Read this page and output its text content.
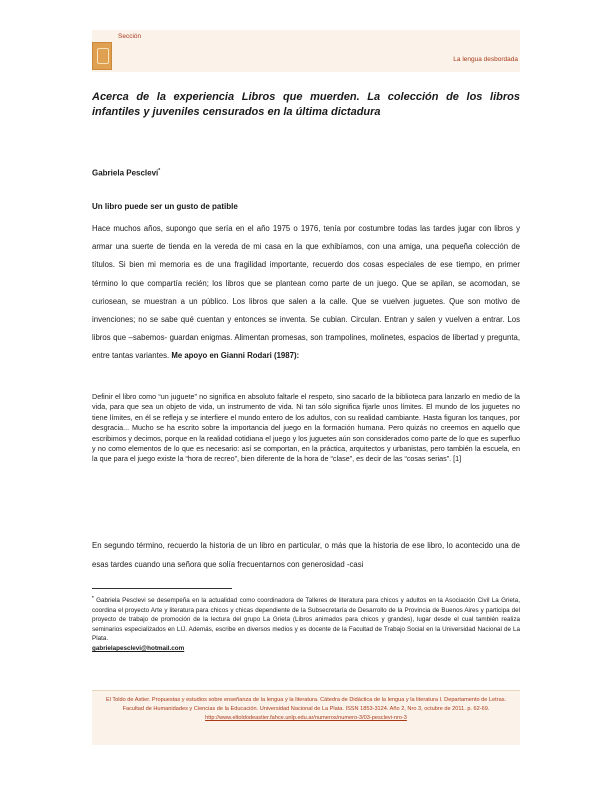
Sección
La lengua desbordada
Acerca de la experiencia Libros que muerden. La colección de los libros infantiles y juveniles censurados en la última dictadura
Gabriela Pesclevi*
Un libro puede ser un gusto de patible
Hace muchos años, supongo que sería en el año 1975 o 1976, tenía por costumbre todas las tardes jugar con libros y armar una suerte de tienda en la vereda de mi casa en la que exhibíamos, con una amiga, una pequeña colección de títulos. Si bien mi memoria es de una fragilidad importante, recuerdo dos cosas especiales de ese tiempo, en primer término lo que compartía recién; los libros que se plantean como parte de un juego. Que se apilan, se acomodan, se curiosean, se muestran a un público. Los libros que salen a la calle. Que se vuelven juguetes. Que son motivo de invenciones; no se sabe qué cuentan y entonces se inventa. Se cubian. Circulan. Entran y salen y vuelven a entrar. Los libros que –sabemos- guardan enigmas. Alimentan promesas, son trampolines, molinetes, espacios de libertad y pregunta, entre tantas variantes. Me apoyo en Gianni Rodari (1987):
Definir el libro como “un juguete” no significa en absoluto faltarle el respeto, sino sacarlo de la biblioteca para lanzarlo en medio de la vida, para que sea un objeto de vida, un instrumento de vida. Ni tan sólo significa fijarle unos límites. El mundo de los juguetes no tiene límites, en él se refleja y se interfiere el mundo entero de los adultos, con su realidad cambiante. Hasta figuran los tanques, por desgracia... Mucho se ha escrito sobre la importancia del juego en la formación humana. Pero quizás no creemos en aquello que escribimos y decimos, porque en la realidad cotidiana el juego y los juguetes aún son considerados como parte de lo que es superfluo y no como elementos de lo que es necesario: así se comportan, en la práctica, arquitectos y urbanistas, pero también la escuela, en la que para el juego existe la “hora de recreo”, bien diferente de la hora de “clase”, es decir de las “cosas serias”. [1]
En segundo término, recuerdo la historia de un libro en particular, o más que la historia de ese libro, lo acontecido una de esas tardes cuando una señora que solía frecuentarnos con generosidad -casi
* Gabriela Pesclevi se desempeña en la actualidad como coordinadora de Talleres de literatura para chicos y adultos en la Asociación Civil La Grieta, coordina el proyecto Arte y literatura para chicos y chicas dependiente de la Subsecretaría de Desarrollo de la Provincia de Buenos Aires y participa del proyecto de trabajo de promoción de la lectura del grupo La Grieta (Libros animados para chicos y grandes), lugar desde el cual también realiza seminarios especializados en LIJ. Además, escribe en diversos medios y es docente de la Facultad de Trabajo Social en la Universidad Nacional de La Plata.
gabrielapesclevi@hotmail.com
El Toldo de Astier. Propuestas y estudios sobre enseñanza de la lengua y la literatura. Cátedra de Didáctica de la lengua y la literatura I. Departamento de Letras. Facultad de Humanidades y Ciencias de la Educación. Universidad Nacional de La Plata. ISSN 1853-3124. Año 2, Nro 3, octubre de 2011. p. 62-69.
http://www.eltoldodeastier.fahce.unlp.edu.ar/numeros/numero-3/03-pesclevi-nro-3
